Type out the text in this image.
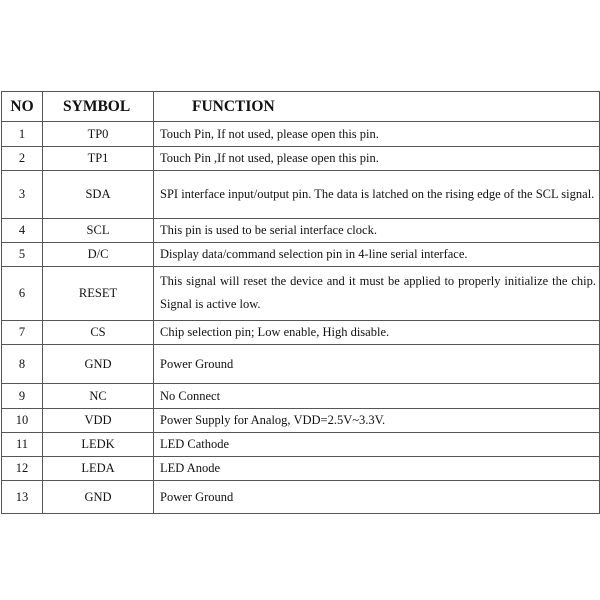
NO	SYMBOL	FUNCTION
1	TP0	Touch Pin, If not used, please open this pin.
2	TP1	Touch Pin ,If not used, please open this pin.
3	SDA	SPI interface input/output pin. The data is latched on the rising edge of the SCL signal.
4	SCL	This pin is used to be serial interface clock.
5	D/C	Display data/command selection pin in 4-line serial interface.
6	RESET	This signal will reset the device and it must be applied to properly initialize the chip. Signal is active low.
7	CS	Chip selection pin; Low enable, High disable.
8	GND	Power Ground
9	NC	No Connect
10	VDD	Power Supply for Analog, VDD=2.5V~3.3V.
11	LEDK	LED Cathode
12	LEDA	LED Anode
13	GND	Power Ground
